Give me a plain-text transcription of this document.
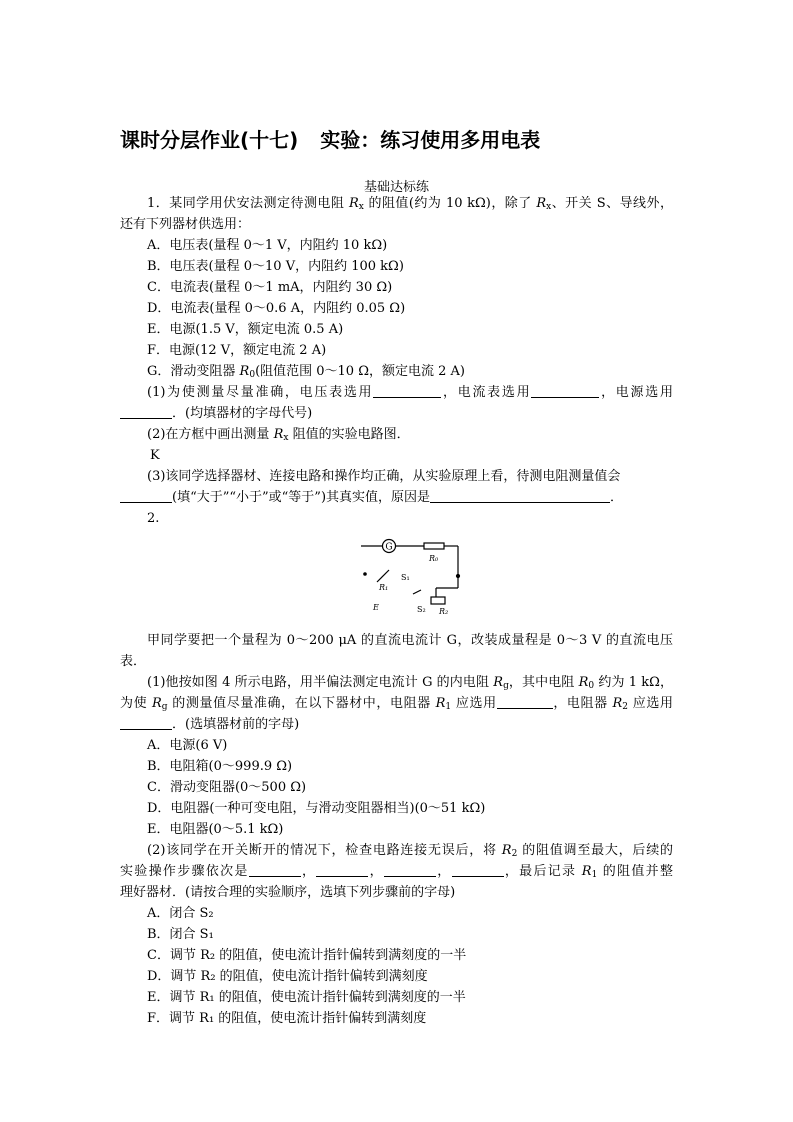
课时分层作业(十七) 实验：练习使用多用电表
基础达标练
1．某同学用伏安法测定待测电阻 $R_x$ 的阻值(约为 10 kΩ)，除了 $R_x$、开关 S、导线外，
还有下列器材供选用：
A．电压表(量程 0～1 V，内阻约 10 kΩ)
B．电压表(量程 0～10 V，内阻约 100 kΩ)
C．电流表(量程 0～1 mA，内阻约 30 Ω)
D．电流表(量程 0～0.6 A，内阻约 0.05 Ω)
E．电源(1.5 V，额定电流 0.5 A)
F．电源(12 V，额定电流 2 A)
G．滑动变阻器 $R_0$(阻值范围 0～10 Ω，额定电流 2 A)
(1)为使测量尽量准确，电压表选用	，电流表选用	，电源选用
．(均填器材的字母代号)
(2)在方框中画出测量 $R_x$ 阻值的实验电路图．
K
(3)该同学选择器材、连接电路和操作均正确，从实验原理上看，待测电阻测量值会
(填“大于”“小于”或“等于”)其真实值，原因是	．
2.
G
R₀
R₁
S₁
E	S₂ R₂
甲同学要把一个量程为 0～200 μA 的直流电流计 G，改装成量程是 0～3 V 的直流电压
表．
(1)他按如图 4 所示电路，用半偏法测定电流计 G 的内电阻 $R_g$，其中电阻 $R_0$ 约为 1 kΩ，
为使 $R_g$ 的测量值尽量准确，在以下器材中，电阻器 $R_1$ 应选用	，电阻器 $R_2$ 应选用
．(选填器材前的字母)
A．电源(6 V)
B．电阻箱(0～999.9 Ω)
C．滑动变阻器(0～500 Ω)
D．电阻器(一种可变电阻，与滑动变阻器相当)(0～51 kΩ)
E．电阻器(0～5.1 kΩ)
(2)该同学在开关断开的情况下，检查电路连接无误后，将 $R_2$ 的阻值调至最大，后续的
实验操作步骤依次是	，	，	，	，最后记录 $R_1$ 的阻值并整
理好器材．(请按合理的实验顺序，选填下列步骤前的字母)
A．闭合 S₂
B．闭合 S₁
C．调节 R₂ 的阻值，使电流计指针偏转到满刻度的一半
D．调节 R₂ 的阻值，使电流计指针偏转到满刻度
E．调节 R₁ 的阻值，使电流计指针偏转到满刻度的一半
F．调节 R₁ 的阻值，使电流计指针偏转到满刻度
